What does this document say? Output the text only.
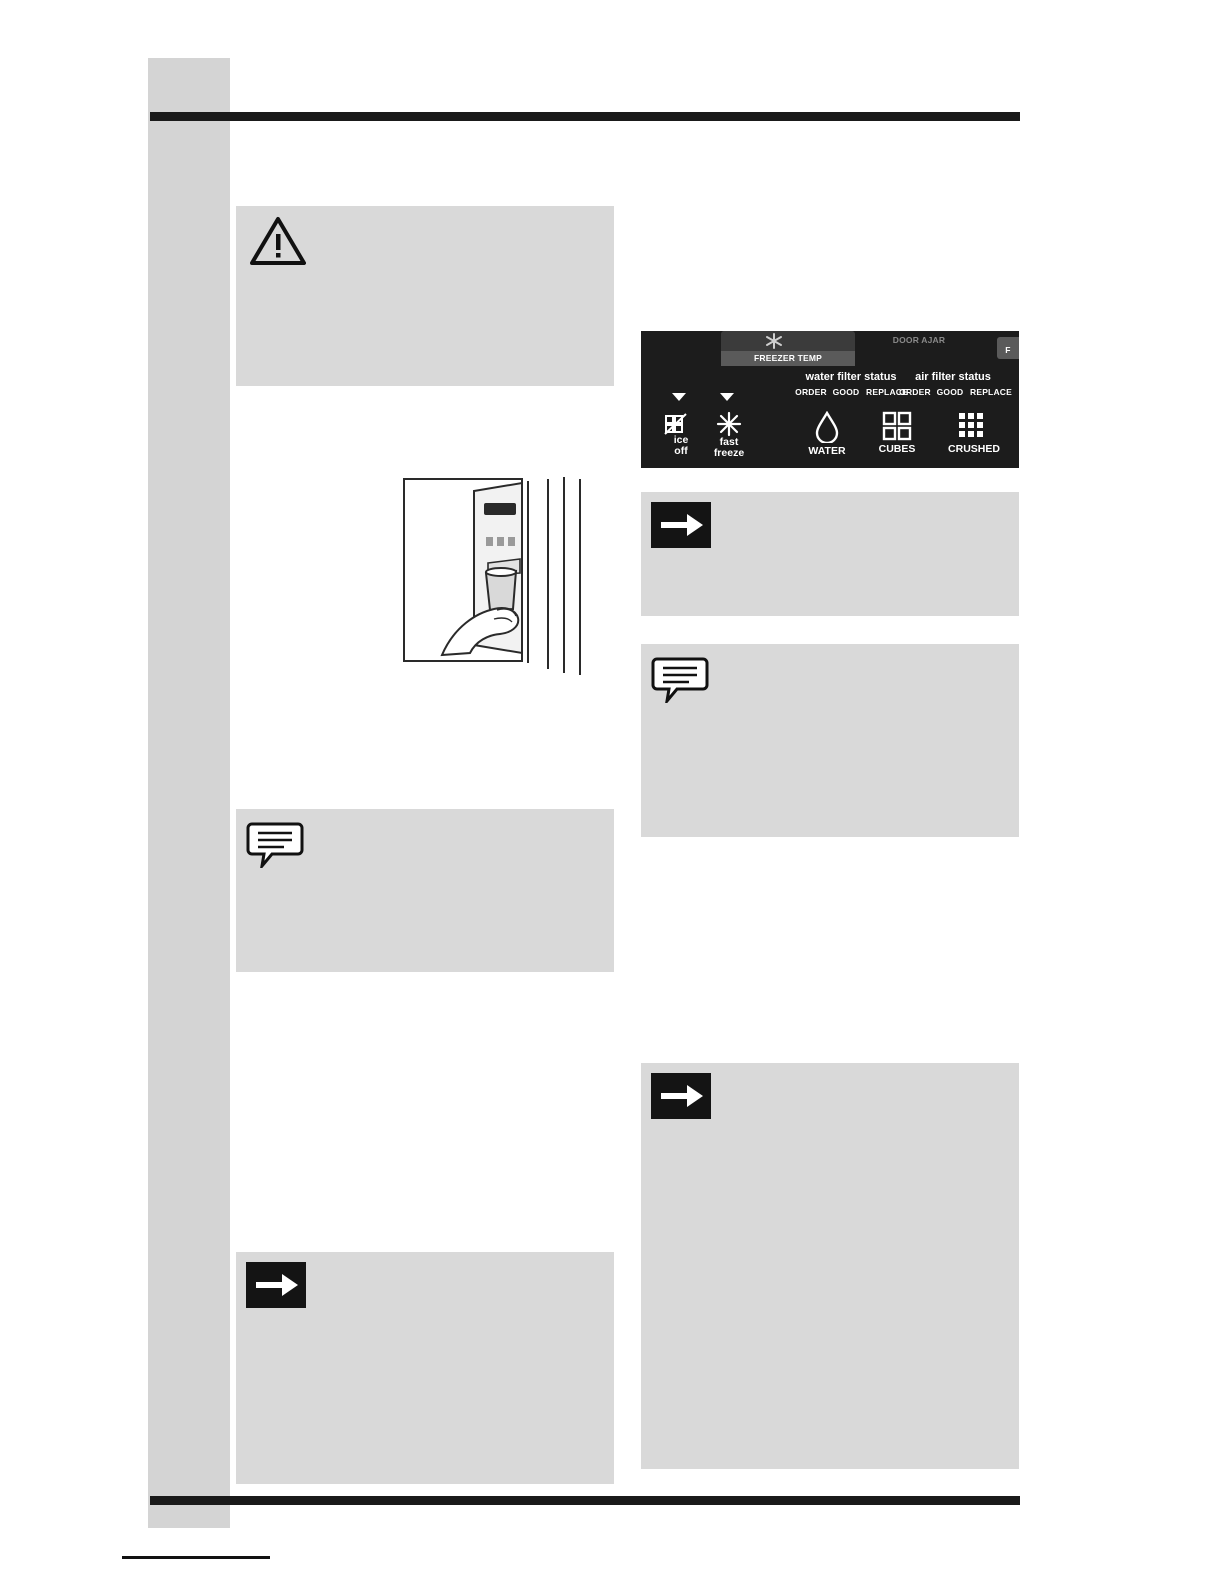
FREEZER TEMP
DOOR AJAR
F
water filter status	air filter status
ORDER GOOD REPLACE
ORDER GOOD REPLACE
ice
off
fast
freeze	WATER	CUBES	CRUSHED
